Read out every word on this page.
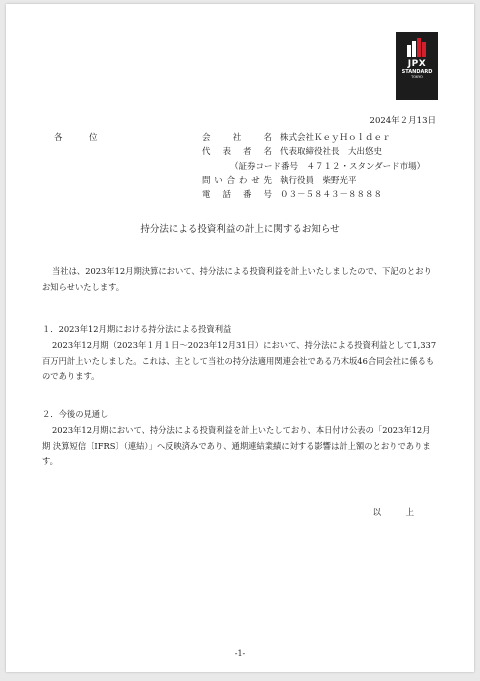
JPX
STANDARD
TOKYO
2024年２月13日
各　位	会社名 株式会社ＫｅｙＨｏｌｄｅｒ
代表者名 代表取締役社長　大出悠史
（証券コード番号　４７１２・スタンダード市場）
問い合わせ先 執行役員　柴野光平
電話番号 ０３－５８４３－８８８８
持分法による投資利益の計上に関するお知らせ

当社は、2023年12月期決算において、持分法による投資利益を計上いたしましたので、下記のとおりお知らせいたします。

１．2023年12月期における持分法による投資利益

2023年12月期（2023年１月１日～2023年12月31日）において、持分法による投資利益として1,337百万円計上いたしました。これは、主として当社の持分法適用関連会社である乃木坂46合同会社に係るものであります。

２．今後の見通し

2023年12月期において、持分法による投資利益を計上いたしており、本日付け公表の「2023年12月期 決算短信〔IFRS〕（連結）」へ反映済みであり、通期連結業績に対する影響は計上額のとおりであります。

以　上
-1-
